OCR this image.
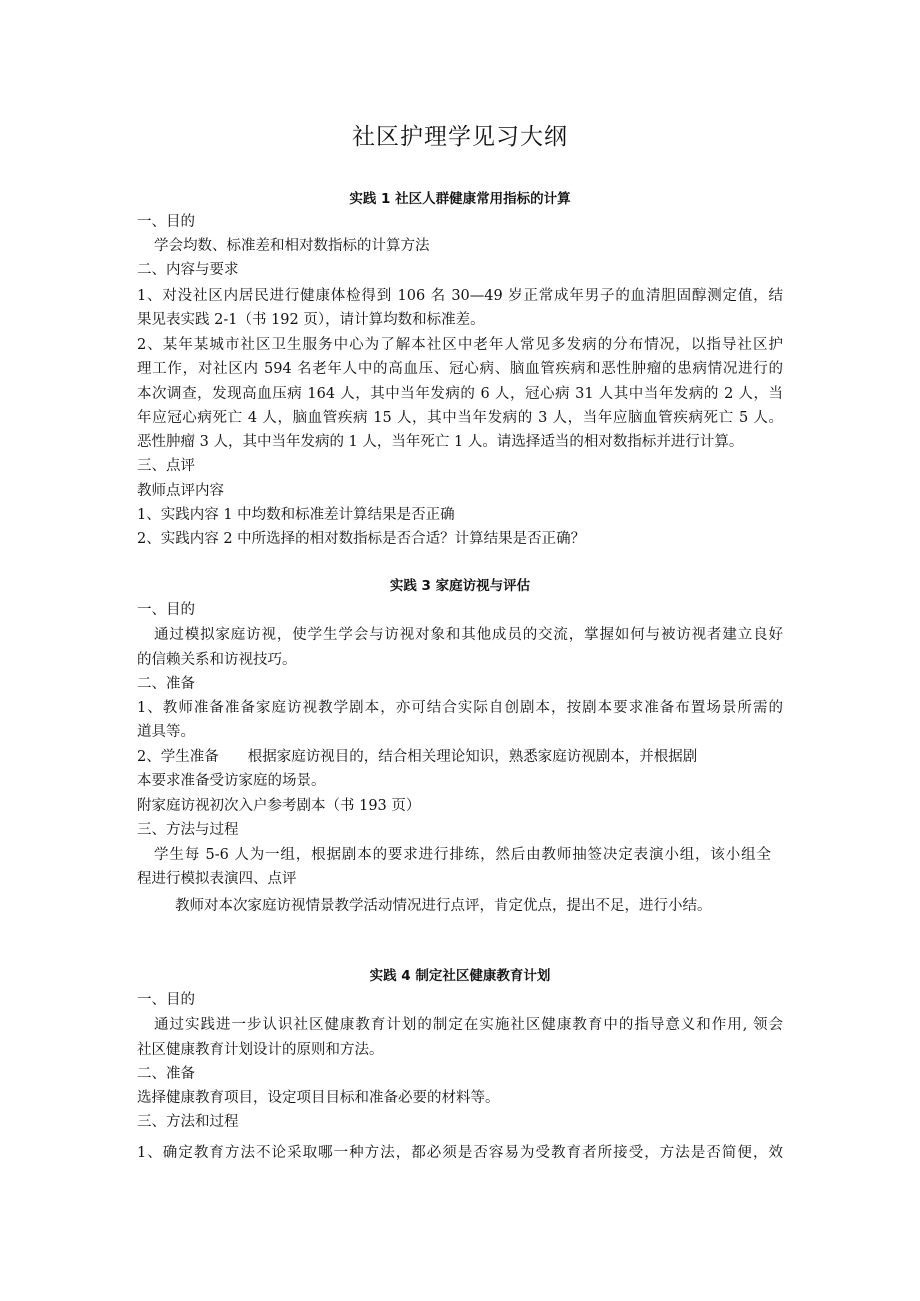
社区护理学见习大纲
实践 1 社区人群健康常用指标的计算
一、目的
学会均数、标准差和相对数指标的计算方法
二、内容与要求
1、对没社区内居民进行健康体检得到 106 名 30—49 岁正常成年男子的血清胆固醇测定值，结
果见表实践 2-1（书 192 页），请计算均数和标准差。
2、某年某城市社区卫生服务中心为了解本社区中老年人常见多发病的分布情况，以指导社区护
理工作，对社区内 594 名老年人中的高血压、冠心病、脑血管疾病和恶性肿瘤的患病情况进行的
本次调查，发现高血压病 164 人，其中当年发病的 6 人，冠心病 31 人其中当年发病的 2 人，当
年应冠心病死亡 4 人，脑血管疾病 15 人，其中当年发病的 3 人，当年应脑血管疾病死亡 5 人。
恶性肿瘤 3 人，其中当年发病的 1 人，当年死亡 1 人。请选择适当的相对数指标并进行计算。
三、点评
教师点评内容
1、实践内容 1 中均数和标准差计算结果是否正确
2、实践内容 2 中所选择的相对数指标是否合适？计算结果是否正确？
实践 3 家庭访视与评估
一、目的
通过模拟家庭访视，使学生学会与访视对象和其他成员的交流，掌握如何与被访视者建立良好
的信赖关系和访视技巧。
二、准备
1、教师准备准备家庭访视教学剧本，亦可结合实际自创剧本，按剧本要求准备布置场景所需的
道具等。
2、学生准备　　根据家庭访视目的，结合相关理论知识，熟悉家庭访视剧本，并根据剧
本要求准备受访家庭的场景。
附家庭访视初次入户参考剧本（书 193 页）
三、方法与过程
学生每 5-6 人为一组，根据剧本的要求进行排练，然后由教师抽签决定表演小组，该小组全
程进行模拟表演四、点评
教师对本次家庭访视情景教学活动情况进行点评，肯定优点，提出不足，进行小结。
实践 4 制定社区健康教育计划
一、目的
通过实践进一步认识社区健康教育计划的制定在实施社区健康教育中的指导意义和作用, 领会
社区健康教育计划设计的原则和方法。
二、准备
选择健康教育项目，设定项目目标和准备必要的材料等。
三、方法和过程
1、确定教育方法不论采取哪一种方法，都必须是否容易为受教育者所接受，方法是否简便，效
